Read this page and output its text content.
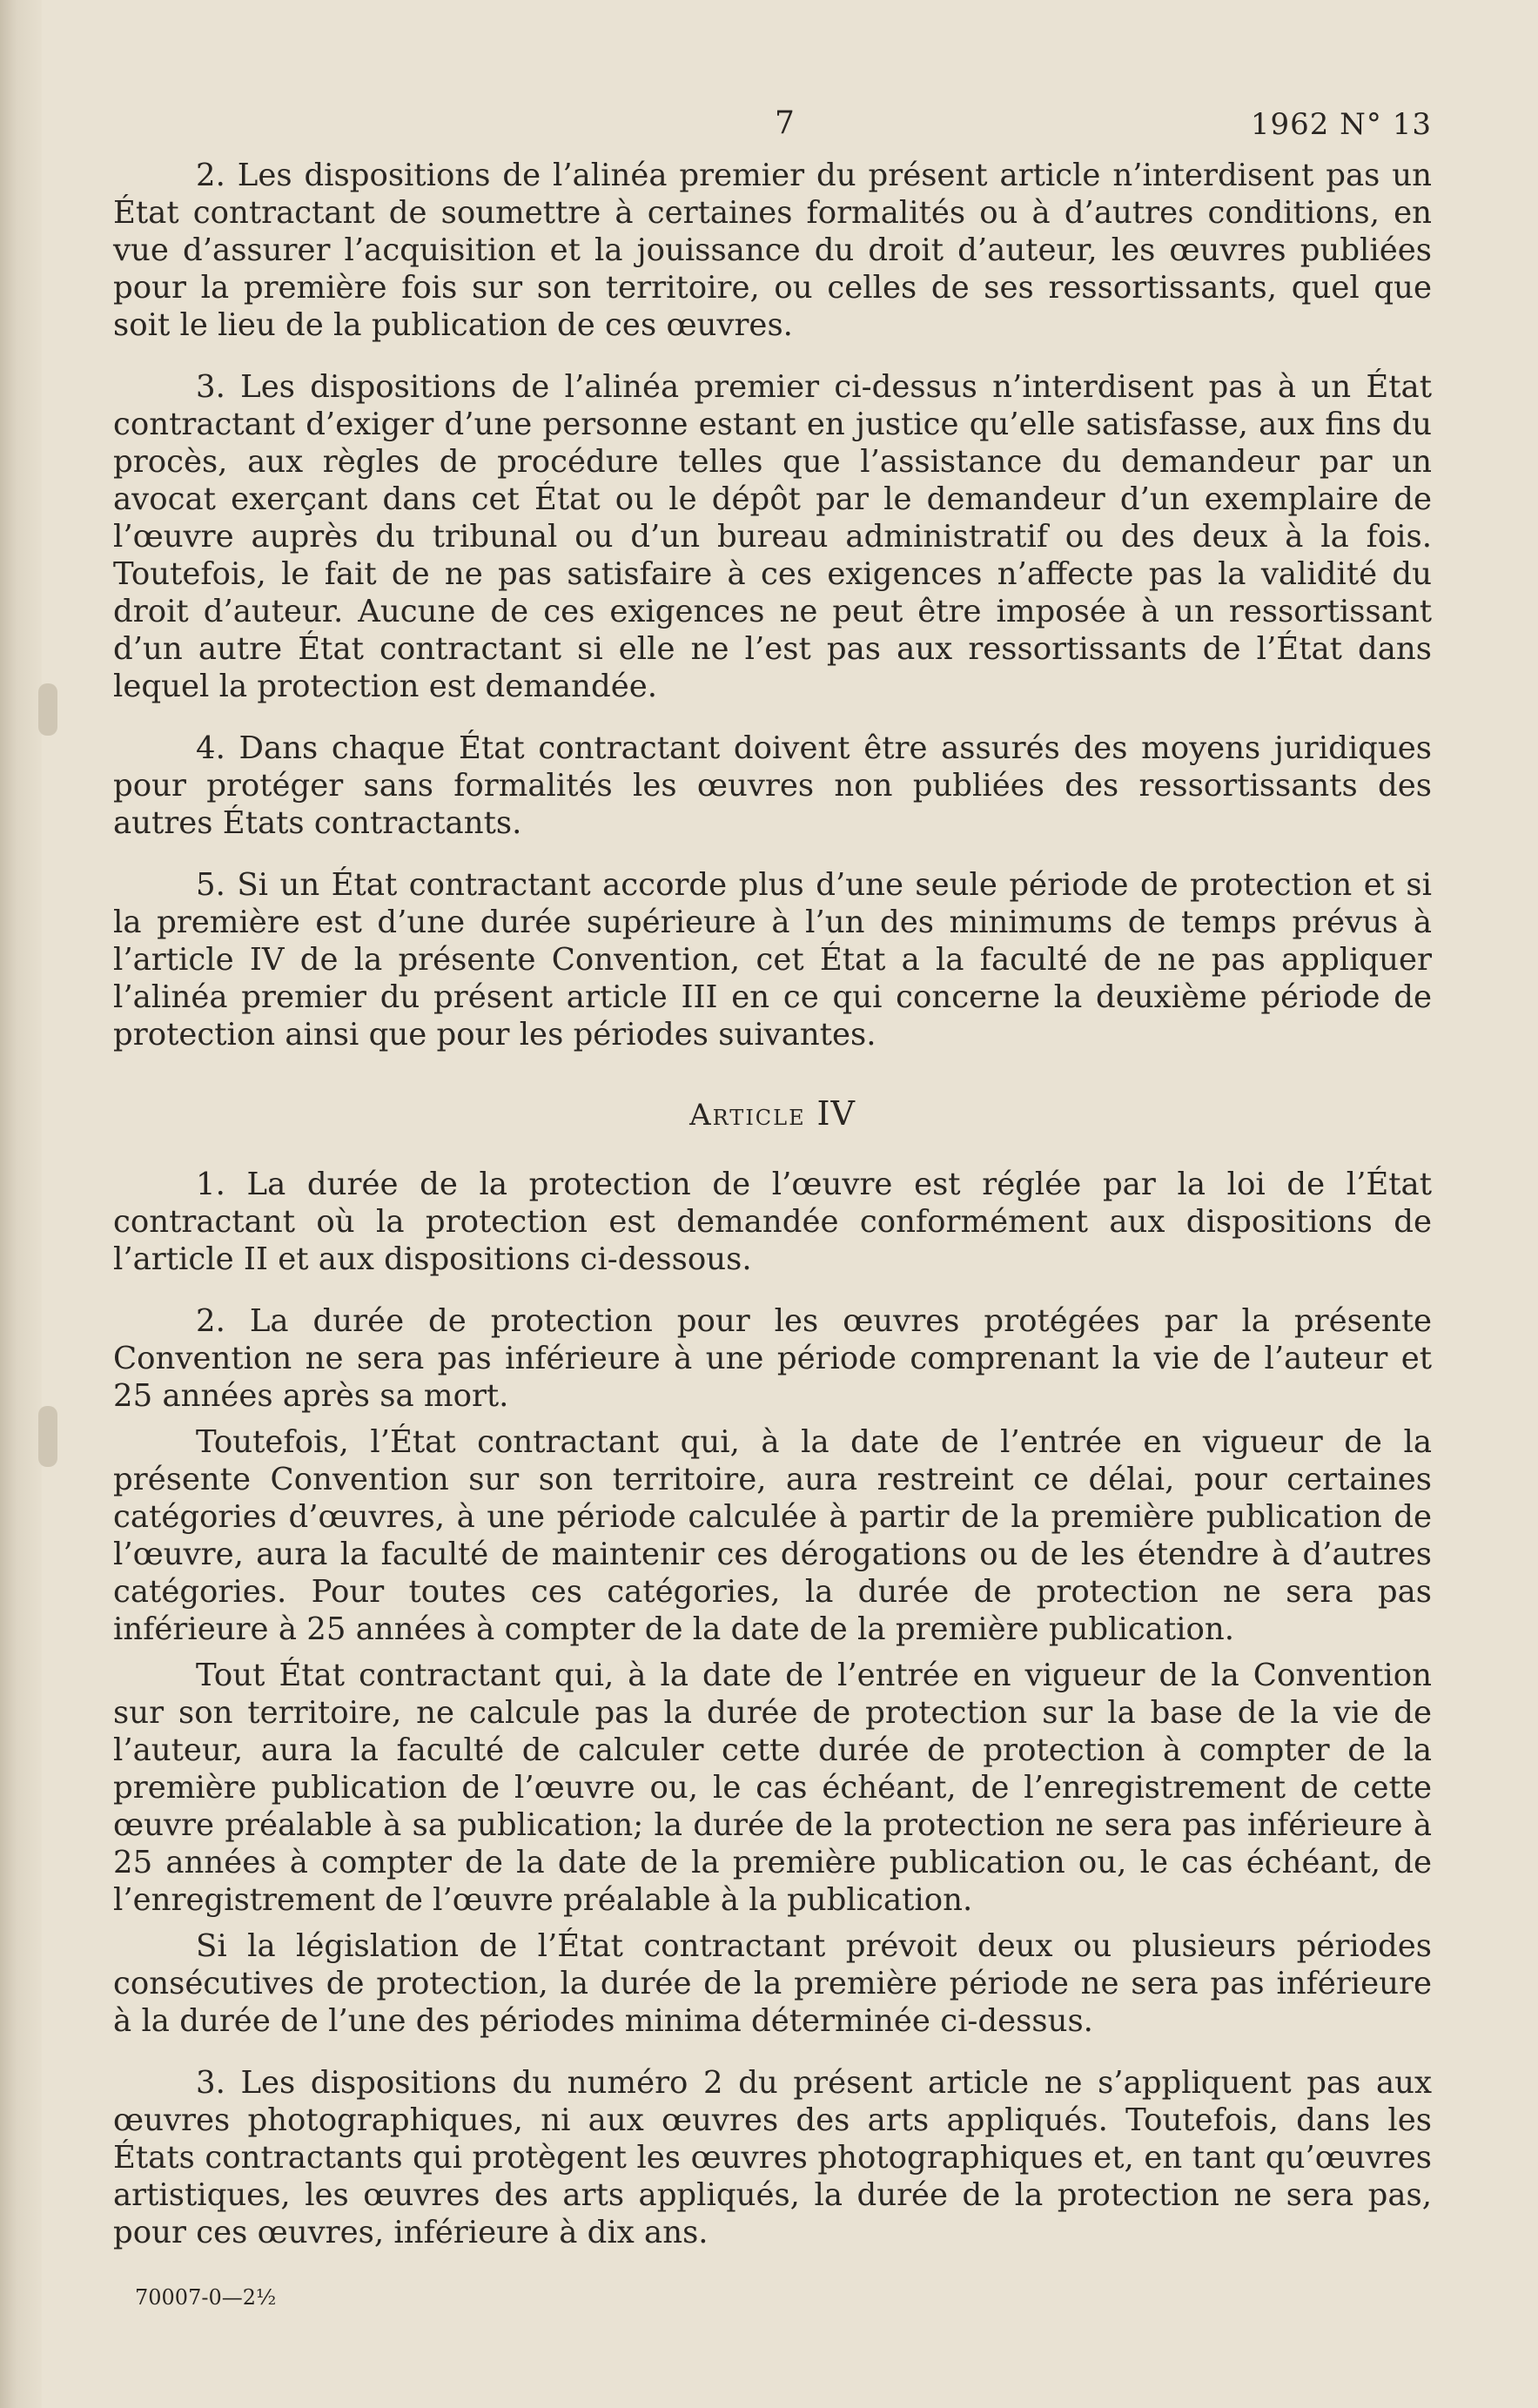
7	1962 N° 13

2. Les dispositions de l’alinéa premier du présent article n’interdisent pas un État contractant de soumettre à certaines formalités ou à d’autres conditions, en vue d’assurer l’acquisition et la jouissance du droit d’auteur, les œuvres publiées pour la première fois sur son territoire, ou celles de ses ressortissants, quel que soit le lieu de la publication de ces œuvres.

3. Les dispositions de l’alinéa premier ci-dessus n’interdisent pas à un État contractant d’exiger d’une personne estant en justice qu’elle satisfasse, aux fins du procès, aux règles de procédure telles que l’assistance du demandeur par un avocat exerçant dans cet État ou le dépôt par le demandeur d’un exemplaire de l’œuvre auprès du tribunal ou d’un bureau administratif ou des deux à la fois. Toutefois, le fait de ne pas satisfaire à ces exigences n’affecte pas la validité du droit d’auteur. Aucune de ces exigences ne peut être imposée à un ressortissant d’un autre État contractant si elle ne l’est pas aux ressortissants de l’État dans lequel la protection est demandée.

4. Dans chaque État contractant doivent être assurés des moyens juridiques pour protéger sans formalités les œuvres non publiées des ressortissants des autres États contractants.

5. Si un État contractant accorde plus d’une seule période de protection et si la première est d’une durée supérieure à l’un des minimums de temps prévus à l’article IV de la présente Convention, cet État a la faculté de ne pas appliquer l’alinéa premier du présent article III en ce qui concerne la deuxième période de protection ainsi que pour les périodes suivantes.

Article IV

1. La durée de la protection de l’œuvre est réglée par la loi de l’État contractant où la protection est demandée conformément aux dispositions de l’article II et aux dispositions ci-dessous.

2. La durée de protection pour les œuvres protégées par la présente Convention ne sera pas inférieure à une période comprenant la vie de l’auteur et 25 années après sa mort.

Toutefois, l’État contractant qui, à la date de l’entrée en vigueur de la présente Convention sur son territoire, aura restreint ce délai, pour certaines catégories d’œuvres, à une période calculée à partir de la première publication de l’œuvre, aura la faculté de maintenir ces dérogations ou de les étendre à d’autres catégories. Pour toutes ces catégories, la durée de protection ne sera pas inférieure à 25 années à compter de la date de la première publication.

Tout État contractant qui, à la date de l’entrée en vigueur de la Convention sur son territoire, ne calcule pas la durée de protection sur la base de la vie de l’auteur, aura la faculté de calculer cette durée de protection à compter de la première publication de l’œuvre ou, le cas échéant, de l’enregistrement de cette œuvre préalable à sa publication; la durée de la protection ne sera pas inférieure à 25 années à compter de la date de la première publication ou, le cas échéant, de l’enregistrement de l’œuvre préalable à la publication.

Si la législation de l’État contractant prévoit deux ou plusieurs périodes consécutives de protection, la durée de la première période ne sera pas inférieure à la durée de l’une des périodes minima déterminée ci-dessus.

3. Les dispositions du numéro 2 du présent article ne s’appliquent pas aux œuvres photographiques, ni aux œuvres des arts appliqués. Toutefois, dans les États contractants qui protègent les œuvres photographiques et, en tant qu’œuvres artistiques, les œuvres des arts appliqués, la durée de la protection ne sera pas, pour ces œuvres, inférieure à dix ans.

70007-0—2½
